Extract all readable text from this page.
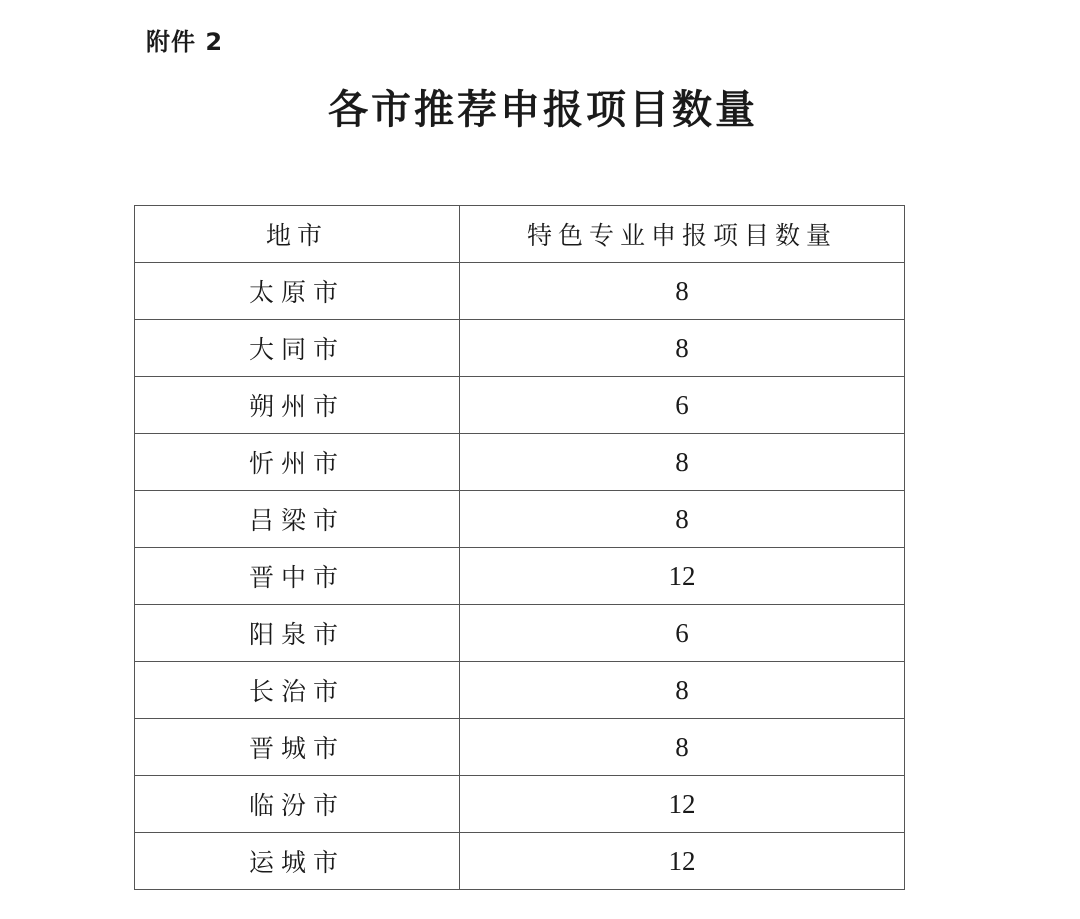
附件 2
各市推荐申报项目数量
地市	特色专业申报项目数量
太原市	8
大同市	8
朔州市	6
忻州市	8
吕梁市	8
晋中市	12
阳泉市	6
长治市	8
晋城市	8
临汾市	12
运城市	12
